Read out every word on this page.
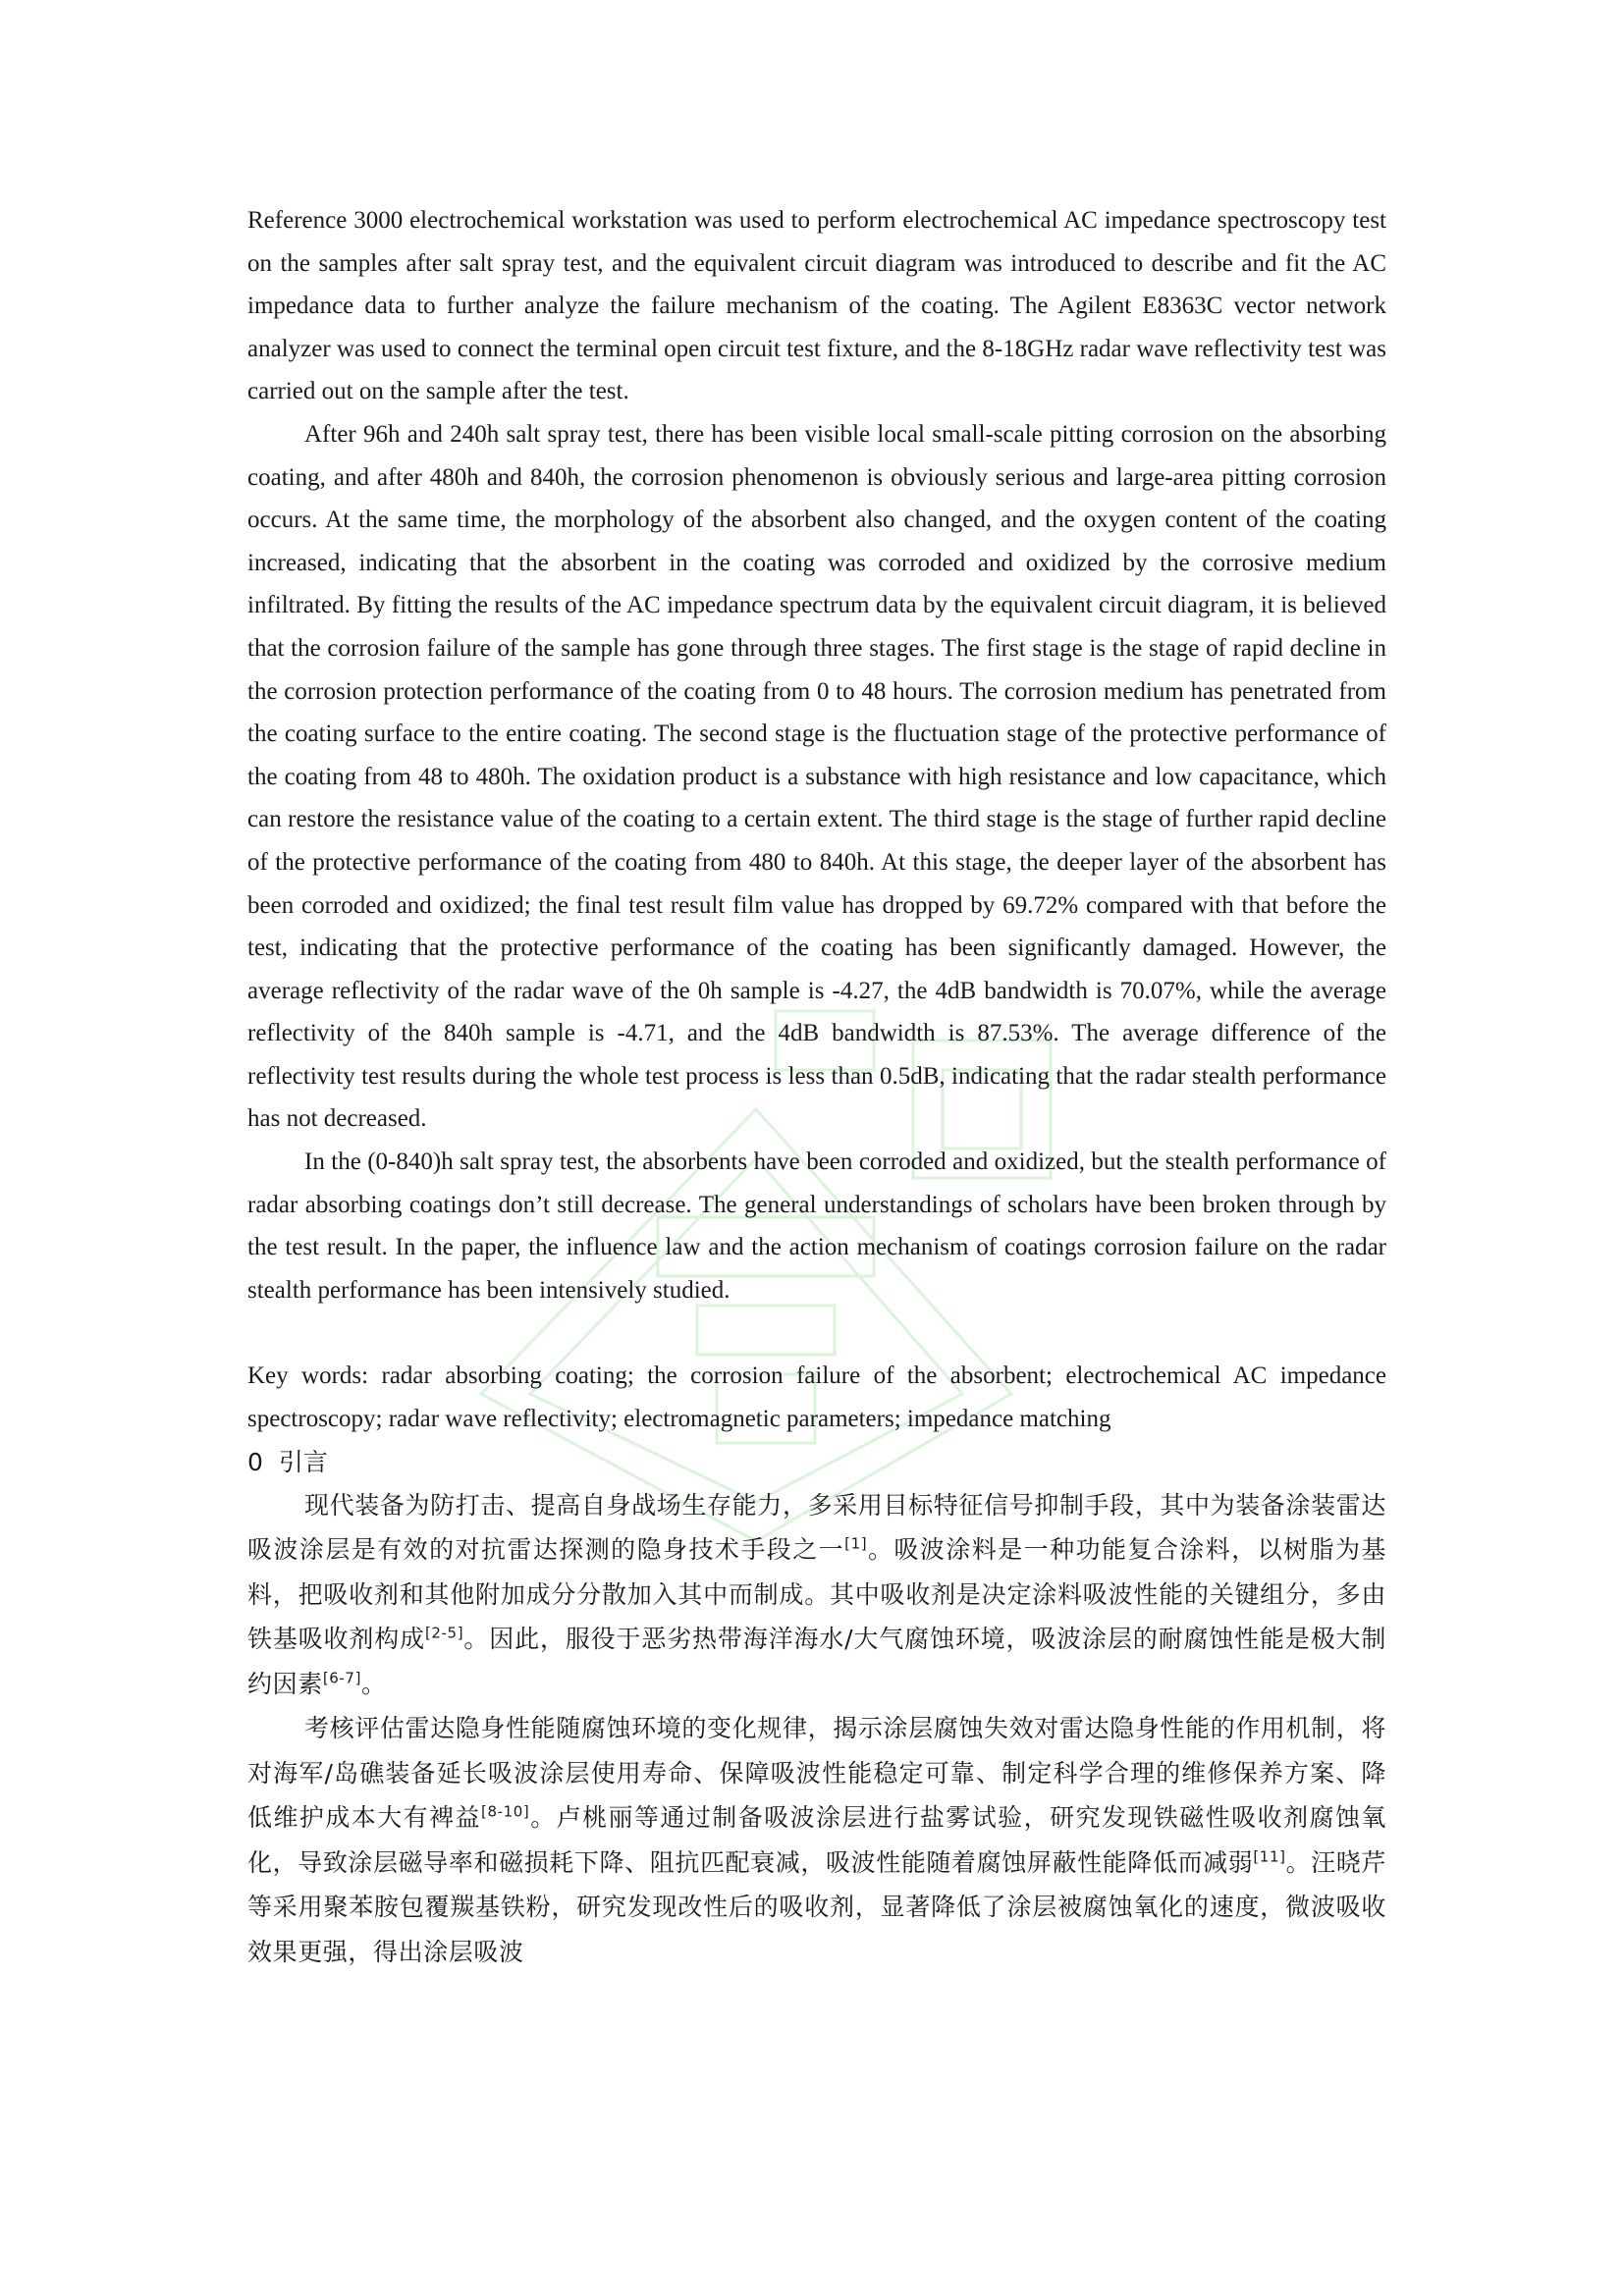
Reference 3000 electrochemical workstation was used to perform electrochemical AC impedance spectroscopy test on the samples after salt spray test, and the equivalent circuit diagram was introduced to describe and fit the AC impedance data to further analyze the failure mechanism of the coating. The Agilent E8363C vector network analyzer was used to connect the terminal open circuit test fixture, and the 8-18GHz radar wave reflectivity test was carried out on the sample after the test.

After 96h and 240h salt spray test, there has been visible local small-scale pitting corrosion on the absorbing coating, and after 480h and 840h, the corrosion phenomenon is obviously serious and large-area pitting corrosion occurs. At the same time, the morphology of the absorbent also changed, and the oxygen content of the coating increased, indicating that the absorbent in the coating was corroded and oxidized by the corrosive medium infiltrated. By fitting the results of the AC impedance spectrum data by the equivalent circuit diagram, it is believed that the corrosion failure of the sample has gone through three stages. The first stage is the stage of rapid decline in the corrosion protection performance of the coating from 0 to 48 hours. The corrosion medium has penetrated from the coating surface to the entire coating. The second stage is the fluctuation stage of the protective performance of the coating from 48 to 480h. The oxidation product is a substance with high resistance and low capacitance, which can restore the resistance value of the coating to a certain extent. The third stage is the stage of further rapid decline of the protective performance of the coating from 480 to 840h. At this stage, the deeper layer of the absorbent has been corroded and oxidized; the final test result film value has dropped by 69.72% compared with that before the test, indicating that the protective performance of the coating has been significantly damaged. However, the average reflectivity of the radar wave of the 0h sample is -4.27, the 4dB bandwidth is 70.07%, while the average reflectivity of the 840h sample is -4.71, and the 4dB bandwidth is 87.53%. The average difference of the reflectivity test results during the whole test process is less than 0.5dB, indicating that the radar stealth performance has not decreased.

In the (0-840)h salt spray test, the absorbents have been corroded and oxidized, but the stealth performance of radar absorbing coatings don’t still decrease. The general understandings of scholars have been broken through by the test result. In the paper, the influence law and the action mechanism of coatings corrosion failure on the radar stealth performance has been intensively studied.

Key words: radar absorbing coating; the corrosion failure of the absorbent; electrochemical AC impedance spectroscopy; radar wave reflectivity; electromagnetic parameters; impedance matching

0 引言

现代装备为防打击、提高自身战场生存能力，多采用目标特征信号抑制手段，其中为装备涂装雷达吸波涂层是有效的对抗雷达探测的隐身技术手段之一[1]。吸波涂料是一种功能复合涂料，以树脂为基料，把吸收剂和其他附加成分分散加入其中而制成。其中吸收剂是决定涂料吸波性能的关键组分，多由铁基吸收剂构成[2-5]。因此，服役于恶劣热带海洋海水/大气腐蚀环境，吸波涂层的耐腐蚀性能是极大制约因素[6-7]。

考核评估雷达隐身性能随腐蚀环境的变化规律，揭示涂层腐蚀失效对雷达隐身性能的作用机制，将对海军/岛礁装备延长吸波涂层使用寿命、保障吸波性能稳定可靠、制定科学合理的维修保养方案、降低维护成本大有裨益[8-10]。卢桃丽等通过制备吸波涂层进行盐雾试验，研究发现铁磁性吸收剂腐蚀氧化，导致涂层磁导率和磁损耗下降、阻抗匹配衰减，吸波性能随着腐蚀屏蔽性能降低而减弱[11]。汪晓芹等采用聚苯胺包覆羰基铁粉，研究发现改性后的吸收剂，显著降低了涂层被腐蚀氧化的速度，微波吸收效果更强，得出涂层吸波
